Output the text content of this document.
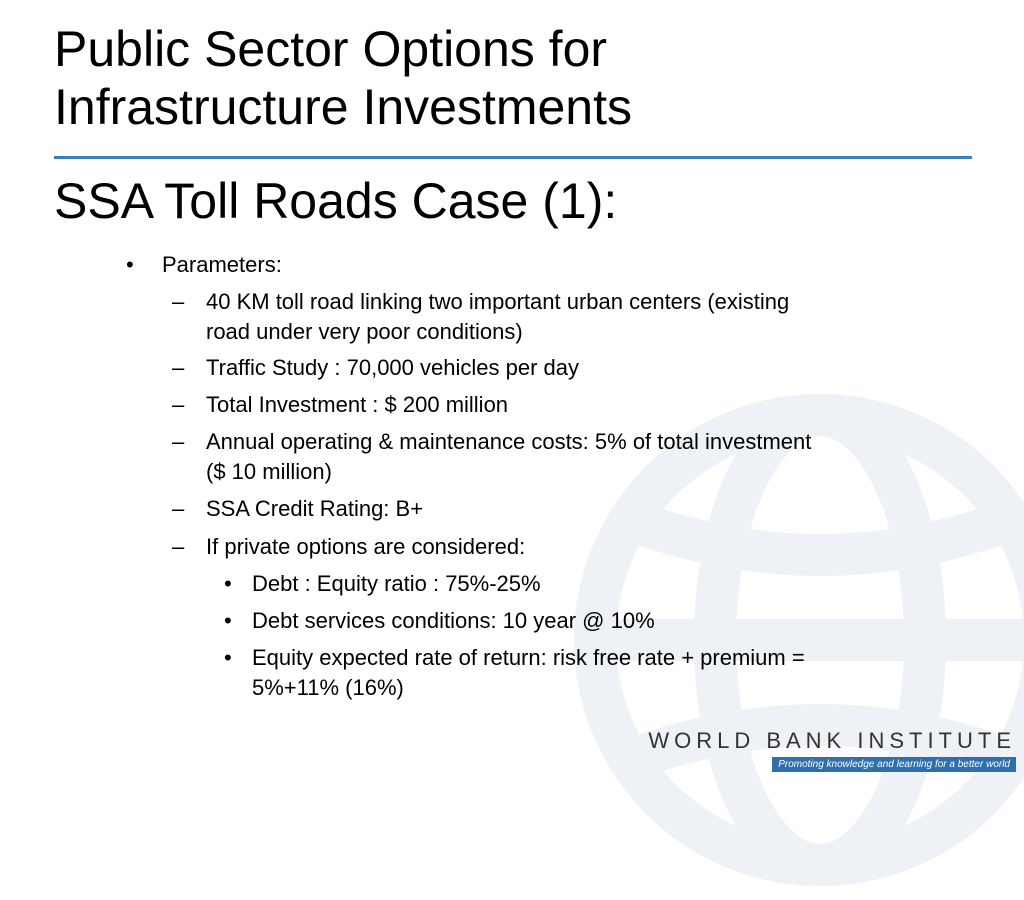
Public Sector Options for
Infrastructure Investments
SSA Toll Roads Case (1):
• Parameters:
– 40 KM toll road linking two important urban centers (existing
road under very poor conditions)
– Traffic Study : 70,000 vehicles per day
– Total Investment : $ 200 million
– Annual operating & maintenance costs: 5% of total investment
($ 10 million)
– SSA Credit Rating: B+
– If private options are considered:
• Debt : Equity ratio : 75%-25%
• Debt services conditions: 10 year @ 10%
• Equity expected rate of return: risk free rate + premium =
5%+11% (16%)
WORLD BANK INSTITUTE
Promoting knowledge and learning for a better world
